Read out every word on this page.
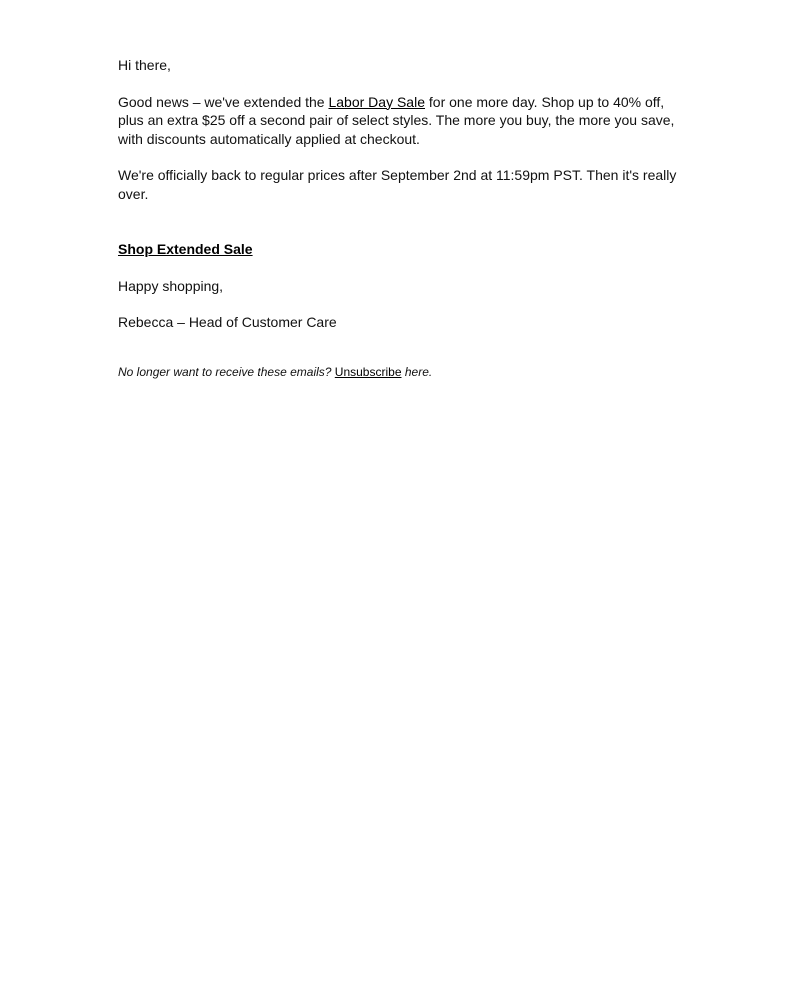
Hi there,

Good news – we've extended the Labor Day Sale for one more day. Shop up to 40% off, plus an extra $25 off a second pair of select styles. The more you buy, the more you save, with discounts automatically applied at checkout.

We're officially back to regular prices after September 2nd at 11:59pm PST. Then it's really over.

Shop Extended Sale

Happy shopping,

Rebecca – Head of Customer Care

No longer want to receive these emails? Unsubscribe here.
